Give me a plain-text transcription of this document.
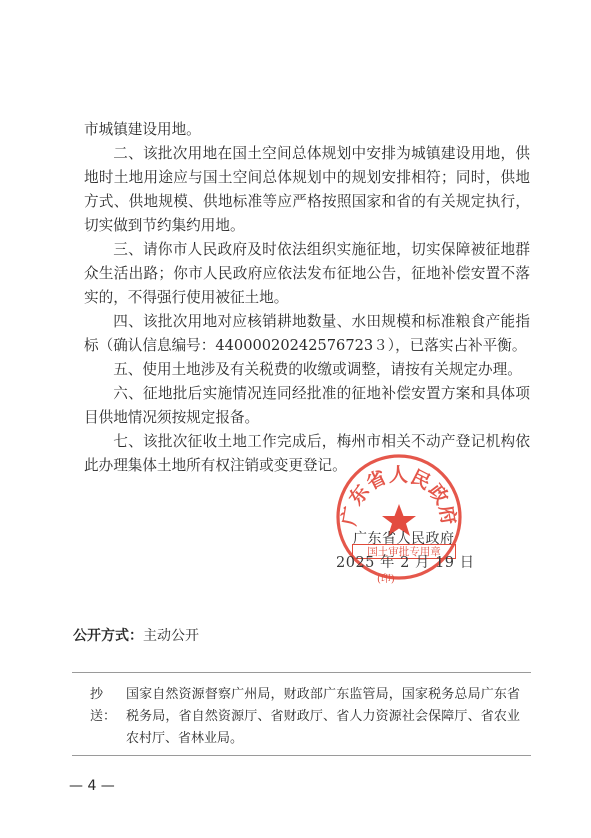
市城镇建设用地。

二、该批次用地在国土空间总体规划中安排为城镇建设用地，供地时土地用途应与国土空间总体规划中的规划安排相符；同时，供地方式、供地规模、供地标准等应严格按照国家和省的有关规定执行，切实做到节约集约用地。

三、请你市人民政府及时依法组织实施征地，切实保障被征地群众生活出路；你市人民政府应依法发布征地公告，征地补偿安置不落实的，不得强行使用被征土地。

四、该批次用地对应核销耕地数量、水田规模和标准粮食产能指标（确认信息编号：44000020242576723３），已落实占补平衡。

五、使用土地涉及有关税费的收缴或调整，请按有关规定办理。

六、征地批后实施情况连同经批准的征地补偿安置方案和具体项目供地情况须按规定报备。

七、该批次征收土地工作完成后，梅州市相关不动产登记机构依此办理集体土地所有权注销或变更登记。

广东省人民政府
广东省人民政府
国土审批专用章
2025 年 2 月 19 日
(印)
公开方式：主动公开
抄送：
国家自然资源督察广州局，财政部广东监管局，国家税务总局广东省税务局，省自然资源厅、省财政厅、省人力资源社会保障厅、省农业农村厅、省林业局。
— 4 —
